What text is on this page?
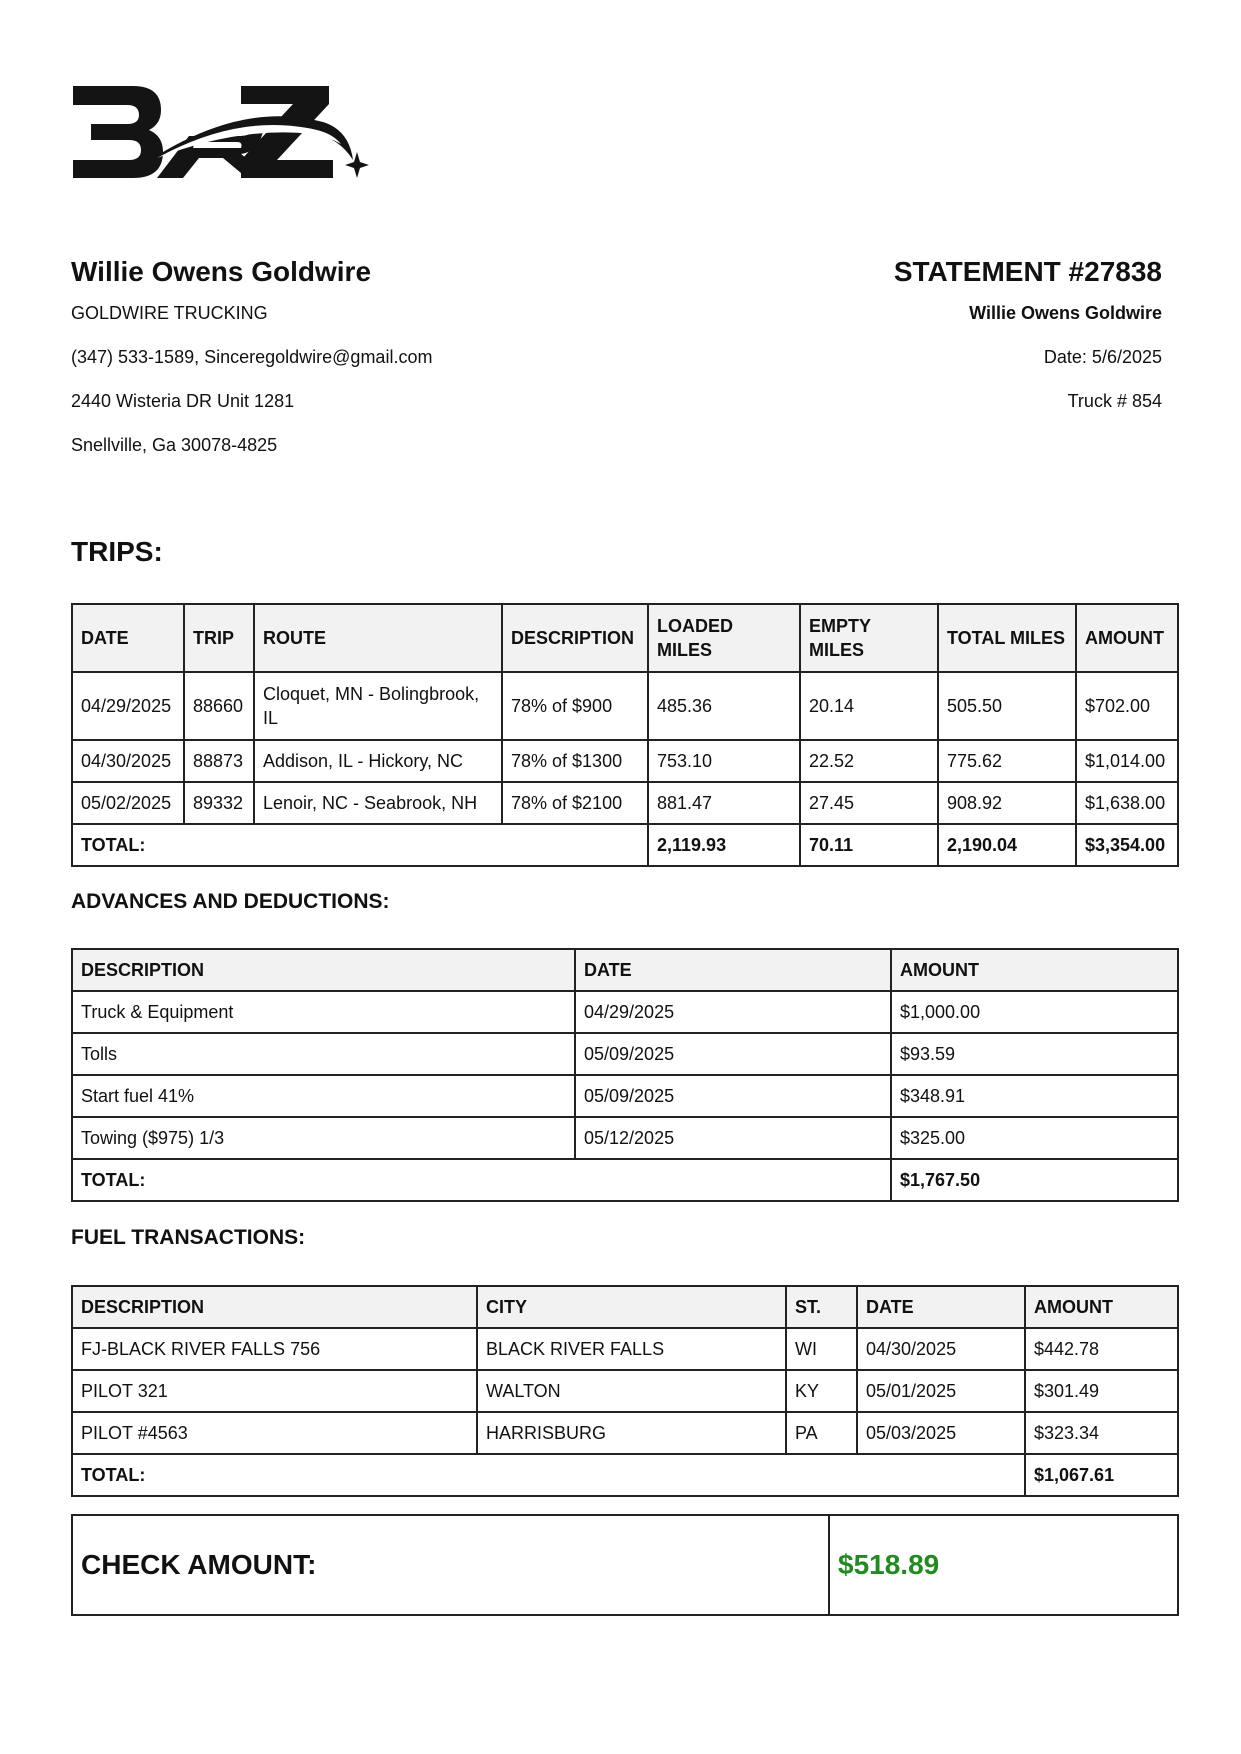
Willie Owens Goldwire
GOLDWIRE TRUCKING
(347) 533-1589, Sinceregoldwire@gmail.com
2440 Wisteria DR Unit 1281
Snellville, Ga 30078-4825
STATEMENT #27838
Willie Owens Goldwire
Date: 5/6/2025
Truck # 854
TRIPS:
DATE	TRIP	ROUTE	DESCRIPTION	LOADED MILES	EMPTY MILES	TOTAL MILES	AMOUNT
04/29/2025	88660	Cloquet, MN - Bolingbrook, IL	78% of $900	485.36	20.14	505.50	$702.00
04/30/2025	88873	Addison, IL - Hickory, NC	78% of $1300	753.10	22.52	775.62	$1,014.00
05/02/2025	89332	Lenoir, NC - Seabrook, NH	78% of $2100	881.47	27.45	908.92	$1,638.00
TOTAL:				2,119.93	70.11	2,190.04	$3,354.00
ADVANCES AND DEDUCTIONS:
DESCRIPTION	DATE	AMOUNT
Truck & Equipment	04/29/2025	$1,000.00
Tolls	05/09/2025	$93.59
Start fuel 41%	05/09/2025	$348.91
Towing ($975) 1/3	05/12/2025	$325.00
TOTAL:		$1,767.50
FUEL TRANSACTIONS:
DESCRIPTION	CITY	ST.	DATE	AMOUNT
FJ-BLACK RIVER FALLS 756	BLACK RIVER FALLS	WI	04/30/2025	$442.78
PILOT 321	WALTON	KY	05/01/2025	$301.49
PILOT #4563	HARRISBURG	PA	05/03/2025	$323.34
TOTAL:				$1,067.61
CHECK AMOUNT:	$518.89
